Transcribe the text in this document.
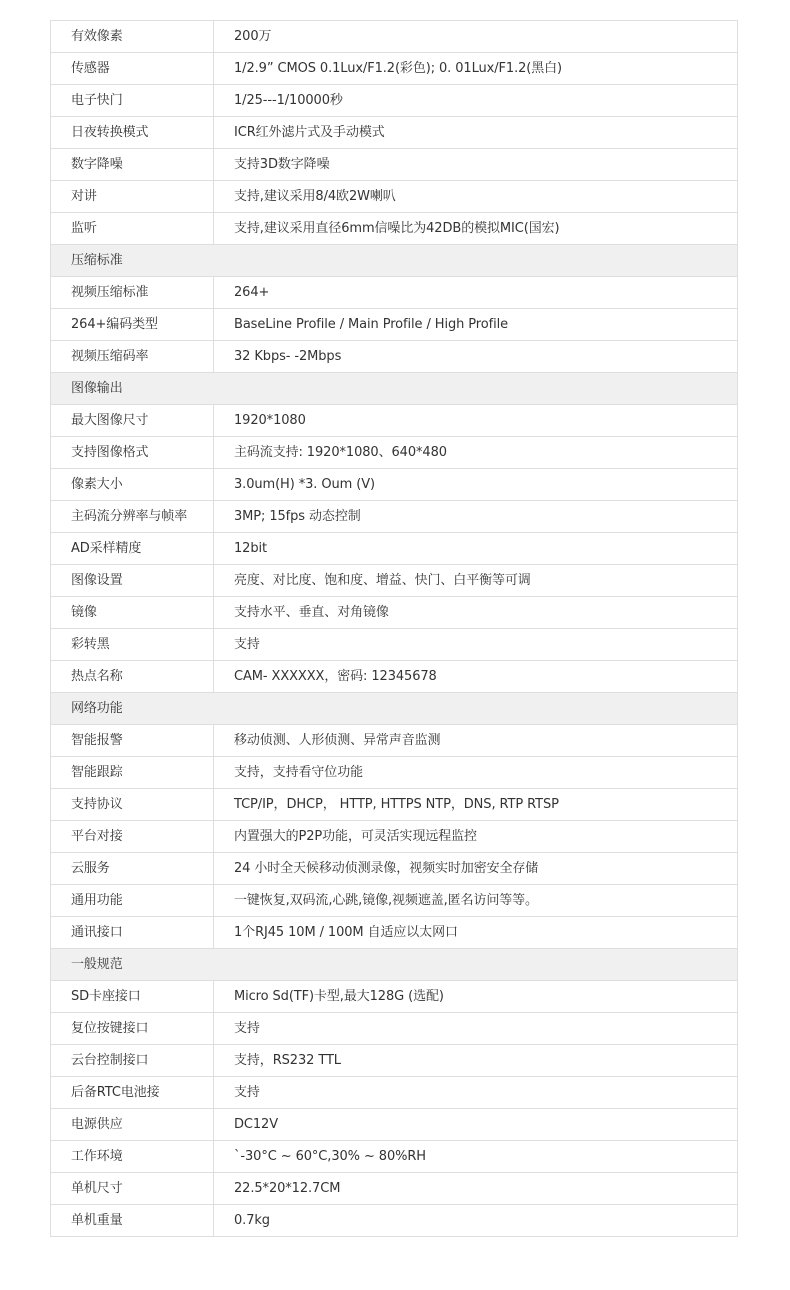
有效像素	200万
传感器	1/2.9” CMOS 0.1Lux/F1.2(彩色); 0. 01Lux/F1.2(黑白)
电子快门	1/25---1/10000秒
日夜转换模式	ICR红外滤片式及手动模式
数字降噪	支持3D数字降噪
对讲	支持,建议采用8/4欧2W喇叭
监听	支持,建议采用直径6mm信噪比为42DB的模拟MIC(国宏)
压缩标准	
视频压缩标准	264+
264+编码类型	BaseLine Profile / Main Profile / High Profile
视频压缩码率	32 Kbps- -2Mbps
图像输出	
最大图像尺寸	1920*1080
支持图像格式	主码流支持: 1920*1080、640*480
像素大小	3.0um(H) *3. Oum (V)
主码流分辨率与帧率	3MP; 15fps 动态控制
AD采样精度	12bit
图像设置	亮度、对比度、饱和度、增益、快门、白平衡等可调
镜像	支持水平、垂直、对角镜像
彩转黑	支持
热点名称	CAM- XXXXXX，密码: 12345678
网络功能	
智能报警	移动侦测、人形侦测、异常声音监测
智能跟踪	支持，支持看守位功能
支持协议	TCP/IP，DHCP， HTTP, HTTPS NTP，DNS, RTP RTSP
平台对接	内置强大的P2P功能，可灵活实现远程监控
云服务	24 小时全天候移动侦测录像，视频实时加密安全存储
通用功能	一键恢复,双码流,心跳,镜像,视频遮盖,匿名访问等等。
通讯接口	1个RJ45 10M / 100M 自适应以太网口
一般规范	
SD卡座接口	Micro Sd(TF)卡型,最大128G (选配)
复位按键接口	支持
云台控制接口	支持，RS232 TTL
后备RTC电池接	支持
电源供应	DC12V
工作环境	`-30°C ~ 60°C,30% ~ 80%RH
单机尺寸	22.5*20*12.7CM
单机重量	0.7kg
